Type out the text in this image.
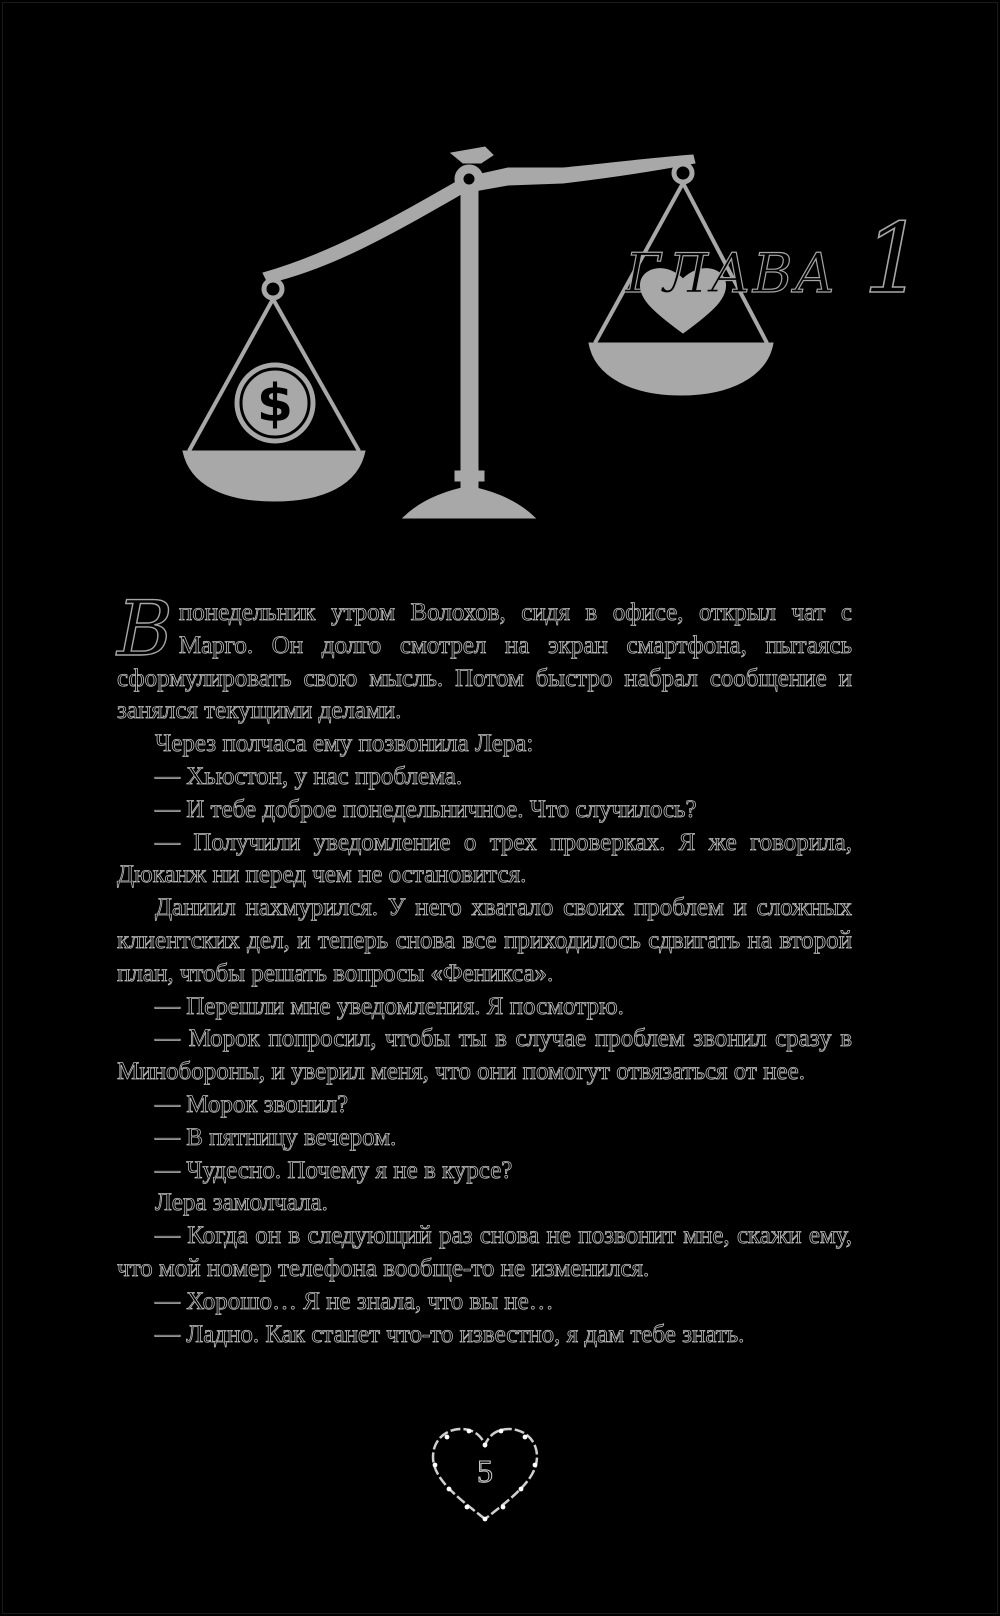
$
ГЛАВА 1

В понедельник утром Волохов, сидя в офисе, открыл чат с Марго. Он долго смотрел на экран смартфона, пытаясь сформулировать свою мысль. Потом быстро набрал сообщение и занялся текущими делами.

Через полчаса ему позвонила Лера:

— Хьюстон, у нас проблема.

— И тебе доброе понедельничное. Что случилось?

— Получили уведомление о трех проверках. Я же говорила, Дюканж ни перед чем не остановится.

Даниил нахмурился. У него хватало своих проблем и сложных клиентских дел, и теперь снова все приходилось сдвигать на второй план, чтобы решать вопросы «Феникса».

— Перешли мне уведомления. Я посмотрю.

— Морок попросил, чтобы ты в случае проблем звонил сразу в Минобороны, и уверил меня, что они помогут отвязаться от нее.

— Морок звонил?

— В пятницу вечером.

— Чудесно. Почему я не в курсе?

Лера замолчала.

— Когда он в следующий раз снова не позвонит мне, скажи ему, что мой номер телефона вообще-то не изменился.

— Хорошо… Я не знала, что вы не…

— Ладно. Как станет что-то известно, я дам тебе знать.

5
